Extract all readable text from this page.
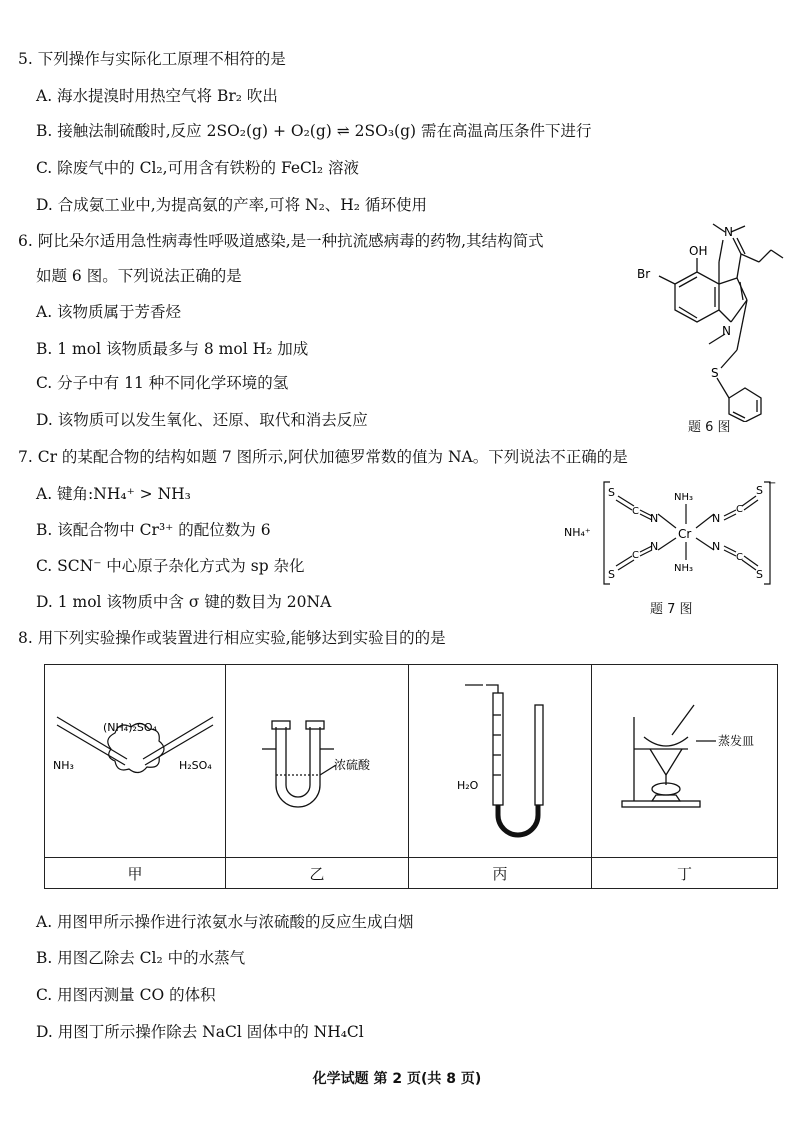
5. 下列操作与实际化工原理不相符的是
A. 海水提溴时用热空气将 Br₂ 吹出
B. 接触法制硫酸时,反应 2SO₂(g) + O₂(g) ⇌ 2SO₃(g) 需在高温高压条件下进行
C. 除废气中的 Cl₂,可用含有铁粉的 FeCl₂ 溶液
D. 合成氨工业中,为提高氨的产率,可将 N₂、H₂ 循环使用
6. 阿比朵尔适用急性病毒性呼吸道感染,是一种抗流感病毒的药物,其结构简式
如题 6 图。下列说法正确的是
A. 该物质属于芳香烃
B. 1 mol 该物质最多与 8 mol H₂ 加成
C. 分子中有 11 种不同化学环境的氢
D. 该物质可以发生氧化、还原、取代和消去反应
OH
N
Br
N
S
题 6 图
7. Cr 的某配合物的结构如题 7 图所示,阿伏加德罗常数的值为 NA。下列说法不正确的是
A. 键角:NH₄⁺ > NH₃
B. 该配合物中 Cr³⁺ 的配位数为 6
C. SCN⁻ 中心原子杂化方式为 sp 杂化
D. 1 mol 该物质中含 σ 键的数目为 20NA
NH₄⁺	Cr
NH₃
NH₃
S
C
N
S
C
N
N
C
S
N
C
S
−
题 7 图
8. 用下列实验操作或装置进行相应实验,能够达到实验目的的是
(NH₄)₂SO₄
NH₃ H₂SO₄	浓硫酸	H₂O	蒸发皿

甲	乙	丙	丁
A. 用图甲所示操作进行浓氨水与浓硫酸的反应生成白烟
B. 用图乙除去 Cl₂ 中的水蒸气
C. 用图丙测量 CO 的体积
D. 用图丁所示操作除去 NaCl 固体中的 NH₄Cl
化学试题 第 2 页(共 8 页)
